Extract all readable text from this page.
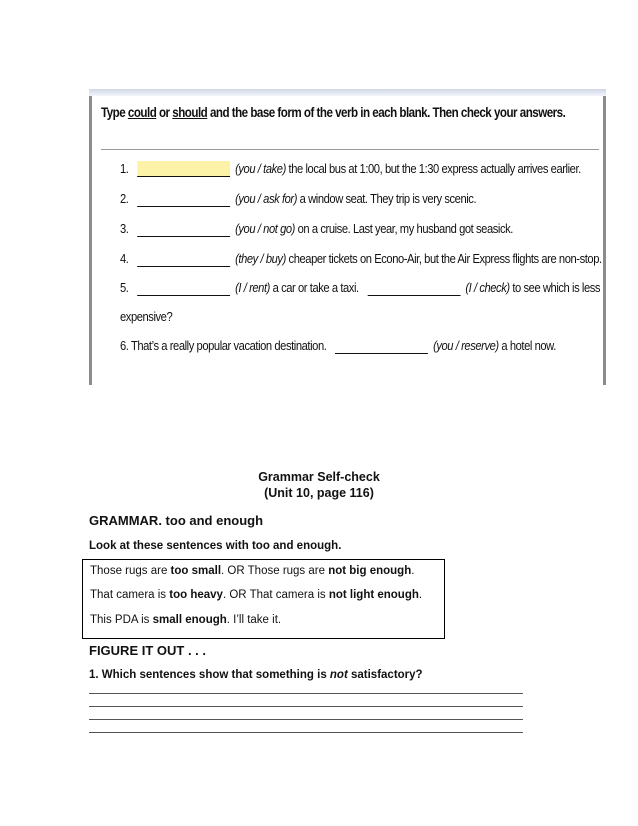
Type could or should and the base form of the verb in each blank. Then check your answers.
1.	(you / take) the local bus at 1:00, but the 1:30 express actually arrives earlier.
2.	(you / ask for) a window seat. They trip is very scenic.
3.	(you / not go) on a cruise. Last year, my husband got seasick.
4.	(they / buy) cheaper tickets on Econo-Air, but the Air Express flights are non-stop.
5.	(I / rent) a car or take a taxi.	(I / check) to see which is less
expensive?
6. That’s a really popular vacation destination.	(you / reserve) a hotel now.
Grammar Self-check
(Unit 10, page 116)
GRAMMAR. too and enough
Look at these sentences with too and enough.
Those rugs are too small. OR Those rugs are not big enough.
That camera is too heavy. OR That camera is not light enough.
This PDA is small enough. I’ll take it.
FIGURE IT OUT . . .
1. Which sentences show that something is not satisfactory?
